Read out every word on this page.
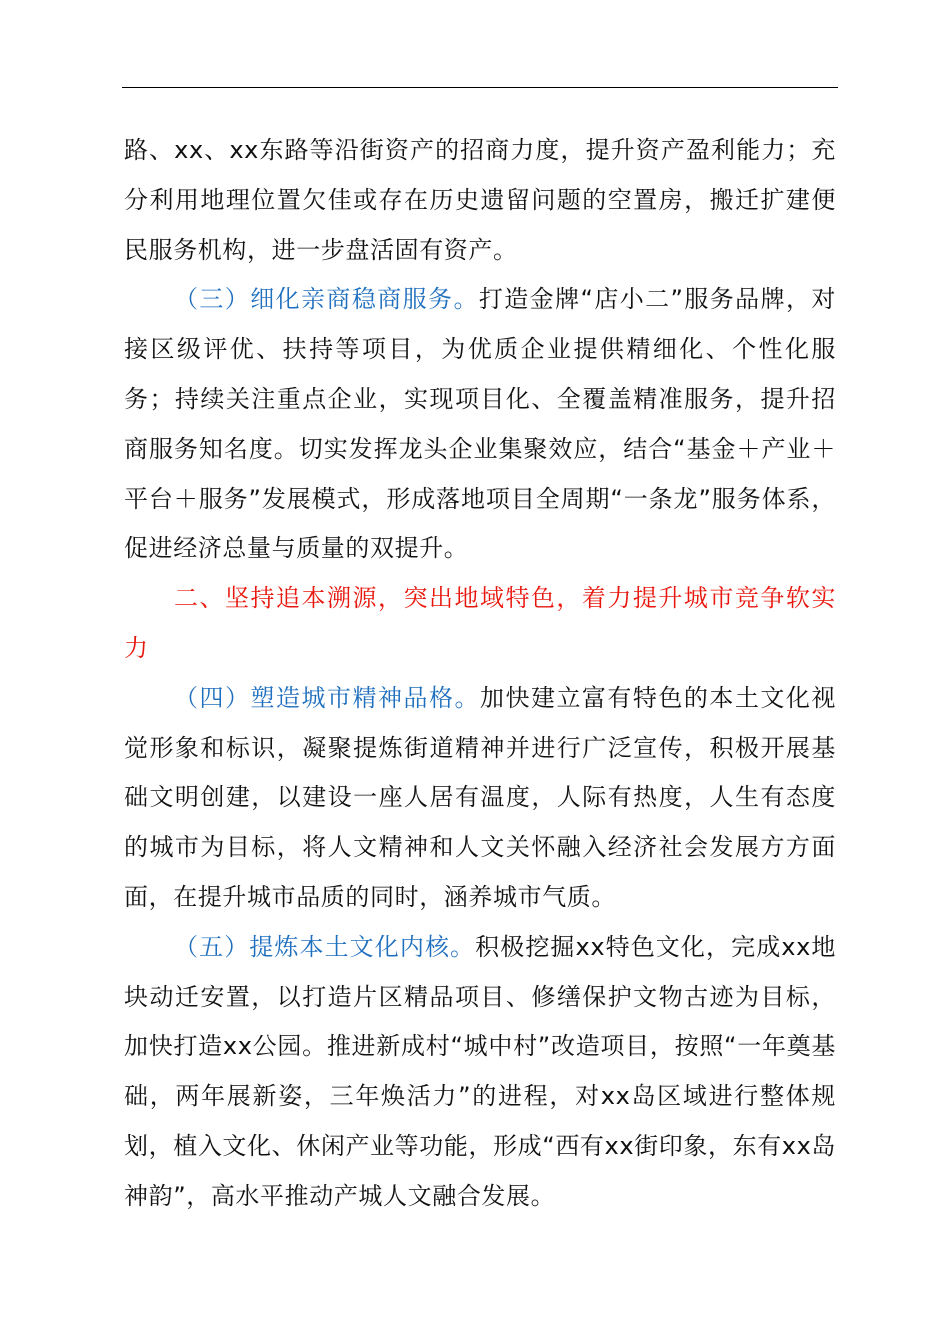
路、xx、xx东路等沿街资产的招商力度，提升资产盈利能力；充分利用地理位置欠佳或存在历史遗留问题的空置房，搬迁扩建便民服务机构，进一步盘活固有资产。

（三）细化亲商稳商服务。打造金牌“店小二”服务品牌，对接区级评优、扶持等项目，为优质企业提供精细化、个性化服务；持续关注重点企业，实现项目化、全覆盖精准服务，提升招商服务知名度。切实发挥龙头企业集聚效应，结合“基金＋产业＋平台＋服务”发展模式，形成落地项目全周期“一条龙”服务体系，促进经济总量与质量的双提升。

二、坚持追本溯源，突出地域特色，着力提升城市竞争软实力

（四）塑造城市精神品格。加快建立富有特色的本土文化视觉形象和标识，凝聚提炼街道精神并进行广泛宣传，积极开展基础文明创建，以建设一座人居有温度，人际有热度，人生有态度的城市为目标，将人文精神和人文关怀融入经济社会发展方方面面，在提升城市品质的同时，涵养城市气质。

（五）提炼本土文化内核。积极挖掘xx特色文化，完成xx地块动迁安置，以打造片区精品项目、修缮保护文物古迹为目标，加快打造xx公园。推进新成村“城中村”改造项目，按照“一年奠基础，两年展新姿，三年焕活力”的进程，对xx岛区域进行整体规划，植入文化、休闲产业等功能，形成“西有xx街印象，东有xx岛神韵”，高水平推动产城人文融合发展。
